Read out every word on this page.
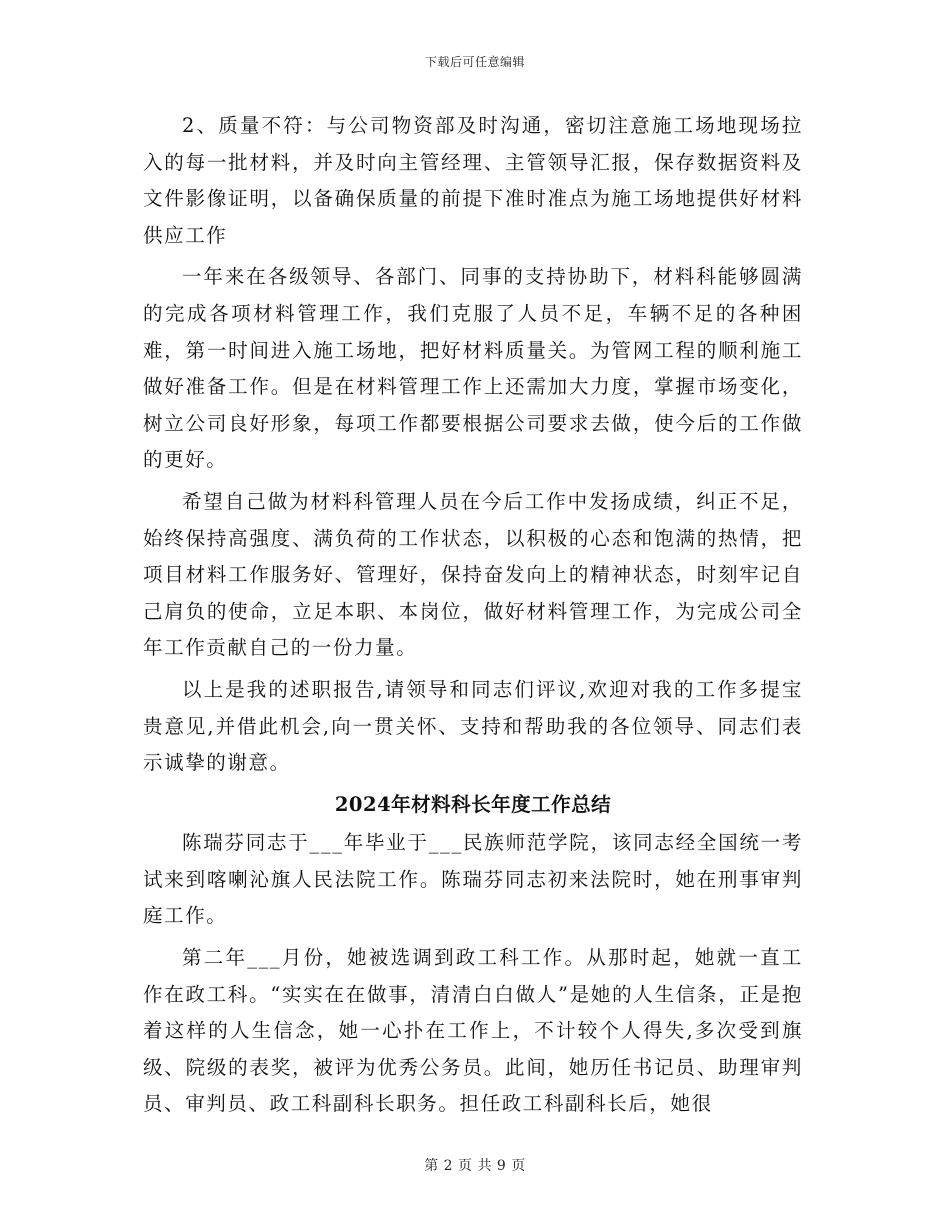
下载后可任意编辑

2、质量不符：与公司物资部及时沟通，密切注意施工场地现场拉入的每一批材料，并及时向主管经理、主管领导汇报，保存数据资料及文件影像证明，以备确保质量的前提下准时准点为施工场地提供好材料供应工作

一年来在各级领导、各部门、同事的支持协助下，材料科能够圆满的完成各项材料管理工作，我们克服了人员不足，车辆不足的各种困难，第一时间进入施工场地，把好材料质量关。为管网工程的顺利施工做好准备工作。但是在材料管理工作上还需加大力度，掌握市场变化，树立公司良好形象，每项工作都要根据公司要求去做，使今后的工作做的更好。

希望自己做为材料科管理人员在今后工作中发扬成绩，纠正不足，始终保持高强度、满负荷的工作状态，以积极的心态和饱满的热情，把项目材料工作服务好、管理好，保持奋发向上的精神状态，时刻牢记自己肩负的使命，立足本职、本岗位，做好材料管理工作，为完成公司全年工作贡献自己的一份力量。

以上是我的述职报告,请领导和同志们评议,欢迎对我的工作多提宝贵意见,并借此机会,向一贯关怀、支持和帮助我的各位领导、同志们表示诚挚的谢意。

2024年材料科长年度工作总结

陈瑞芬同志于___年毕业于___民族师范学院，该同志经全国统一考试来到喀喇沁旗人民法院工作。陈瑞芬同志初来法院时，她在刑事审判庭工作。

第二年___月份，她被选调到政工科工作。从那时起，她就一直工作在政工科。“实实在在做事，清清白白做人”是她的人生信条，正是抱着这样的人生信念，她一心扑在工作上，不计较个人得失,多次受到旗级、院级的表奖，被评为优秀公务员。此间，她历任书记员、助理审判员、审判员、政工科副科长职务。担任政工科副科长后，她很

第 2 页 共 9 页
